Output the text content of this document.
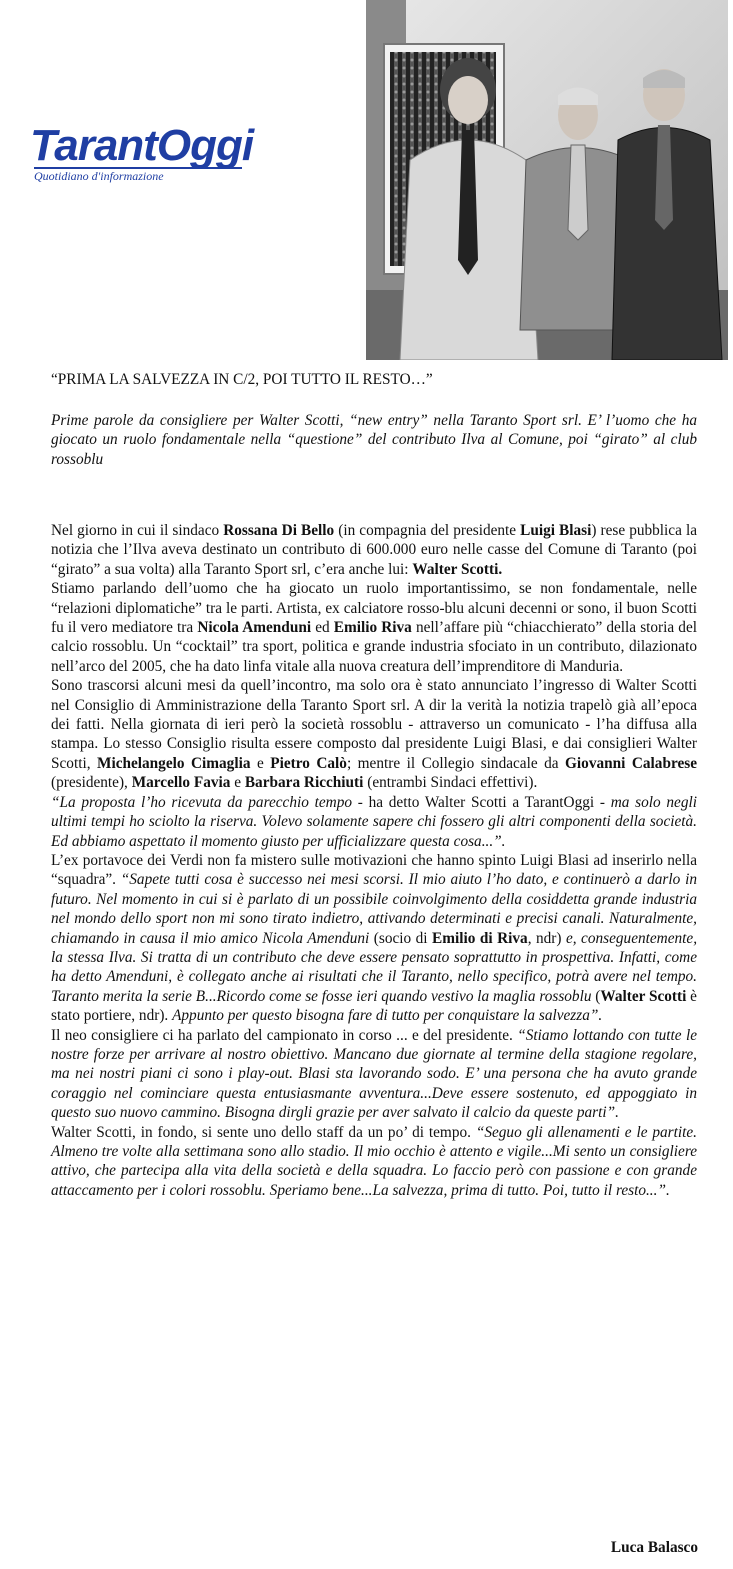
TarantOggi
Quotidiano d'informazione
“PRIMA LA SALVEZZA IN C/2, POI TUTTO IL RESTO…”
Prime parole da consigliere per Walter Scotti, “new entry” nella Taranto Sport srl. E’ l’uomo che ha giocato un ruolo fondamentale nella “questione” del contributo Ilva al Comune, poi “girato” al club rossoblu

Nel giorno in cui il sindaco Rossana Di Bello (in compagnia del presidente Luigi Blasi) rese pubblica la notizia che l’Ilva aveva destinato un contributo di 600.000 euro nelle casse del Comune di Taranto (poi “girato” a sua volta) alla Taranto Sport srl, c’era anche lui: Walter Scotti.

Stiamo parlando dell’uomo che ha giocato un ruolo importantissimo, se non fondamentale, nelle “relazioni diplomatiche” tra le parti. Artista, ex calciatore rosso-blu alcuni decenni or sono, il buon Scotti fu il vero mediatore tra Nicola Amenduni ed Emilio Riva nell’affare più “chiacchierato” della storia del calcio rossoblu. Un “cocktail” tra sport, politica e grande industria sfociato in un contributo, dilazionato nell’arco del 2005, che ha dato linfa vitale alla nuova creatura dell’imprenditore di Manduria.

Sono trascorsi alcuni mesi da quell’incontro, ma solo ora è stato annunciato l’ingresso di Walter Scotti nel Consiglio di Amministrazione della Taranto Sport srl. A dir la verità la notizia trapelò già all’epoca dei fatti. Nella giornata di ieri però la società rossoblu - attraverso un comunicato - l’ha diffusa alla stampa. Lo stesso Consiglio risulta essere composto dal presidente Luigi Blasi, e dai consiglieri Walter Scotti, Michelangelo Cimaglia e Pietro Calò; mentre il Collegio sindacale da Giovanni Calabrese (presidente), Marcello Favia e Barbara Ricchiuti (entrambi Sindaci effettivi).

“La proposta l’ho ricevuta da parecchio tempo - ha detto Walter Scotti a TarantOggi - ma solo negli ultimi tempi ho sciolto la riserva. Volevo solamente sapere chi fossero gli altri componenti della società. Ed abbiamo aspettato il momento giusto per ufficializzare questa cosa...”.

L’ex portavoce dei Verdi non fa mistero sulle motivazioni che hanno spinto Luigi Blasi ad inserirlo nella “squadra”. “Sapete tutti cosa è successo nei mesi scorsi. Il mio aiuto l’ho dato, e continuerò a darlo in futuro. Nel momento in cui si è parlato di un possibile coinvolgimento della cosiddetta grande industria nel mondo dello sport non mi sono tirato indietro, attivando determinati e precisi canali. Naturalmente, chiamando in causa il mio amico Nicola Amenduni (socio di Emilio di Riva, ndr) e, conseguentemente, la stessa Ilva. Si tratta di un contributo che deve essere pensato soprattutto in prospettiva. Infatti, come ha detto Amenduni, è collegato anche ai risultati che il Taranto, nello specifico, potrà avere nel tempo. Taranto merita la serie B...Ricordo come se fosse ieri quando vestivo la maglia rossoblu (Walter Scotti è stato portiere, ndr). Appunto per questo bisogna fare di tutto per conquistare la salvezza”.

Il neo consigliere ci ha parlato del campionato in corso ... e del presidente. “Stiamo lottando con tutte le nostre forze per arrivare al nostro obiettivo. Mancano due giornate al termine della stagione regolare, ma nei nostri piani ci sono i play-out. Blasi sta lavorando sodo. E’ una persona che ha avuto grande coraggio nel cominciare questa entusiasmante avventura...Deve essere sostenuto, ed appoggiato in questo suo nuovo cammino. Bisogna dirgli grazie per aver salvato il calcio da queste parti”.

Walter Scotti, in fondo, si sente uno dello staff da un po’ di tempo. “Seguo gli allenamenti e le partite. Almeno tre volte alla settimana sono allo stadio. Il mio occhio è attento e vigile...Mi sento un consigliere attivo, che partecipa alla vita della società e della squadra. Lo faccio però con passione e con grande attaccamento per i colori rossoblu. Speriamo bene...La salvezza, prima di tutto. Poi, tutto il resto...”.

Luca Balasco
